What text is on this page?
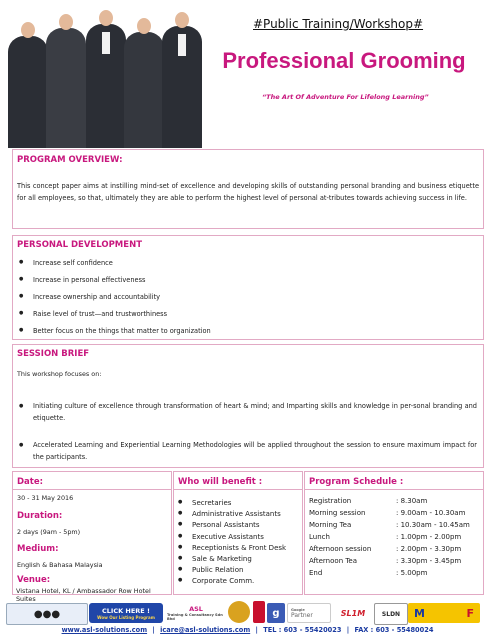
#Public Training/Workshop#
Professional Grooming
“The Art Of Adventure For Lifelong Learning”
PROGRAM OVERVIEW:
This concept paper aims at instilling mind-set of excellence and developing skills of outstanding personal branding and business etiquette for all employees, so that, ultimately they are able to perform the highest level of personal at-tributes towards achieving success in life.
PERSONAL DEVELOPMENT
● Increase self confidence
● Increase in personal effectiveness
● Increase ownership and accountability
● Raise level of trust—and trustworthiness
● Better focus on the things that matter to organization
SESSION BRIEF
This workshop focuses on:
● Initiating culture of excellence through transformation of heart & mind; and Imparting skills and knowledge in per-sonal branding and etiquette.
● Accelerated Learning and Experiential Learning Methodologies will be applied throughout the session to ensure maximum impact for the participants.
Date:
30 - 31 May 2016
Duration:
2 days (9am - 5pm)
Medium:
English & Bahasa Malaysia
Venue:
Vistana Hotel, KL / Ambassador Row Hotel Suites
Who will benefit :
● Secretaries
● Administrative Assistants
● Personal Assistants
● Executive Assistants
● Receptionists & Front Desk
● Sale & Marketing
● Public Relation
● Corporate Comm.
Program Schedule :
Registration	: 8.30am
Morning session	: 9.00am - 10.30am
Morning Tea	: 10.30am - 10.45am
Lunch	: 1.00pm - 2.00pm
Afternoon session	: 2.00pm - 3.30pm
Afternoon Tea	: 3.30pm - 3.45pm
End	: 5.00pm
●●●	CLICK HERE !
Wow Our Listing Program
ASL
Training & Consultancy Sdn Bhd
g	Google
Partner	SL1M	SLDN	M	F
www.asl-solutions.com | icare@asl-solutions.com | TEL : 603 - 55420023 | FAX : 603 - 55480024
